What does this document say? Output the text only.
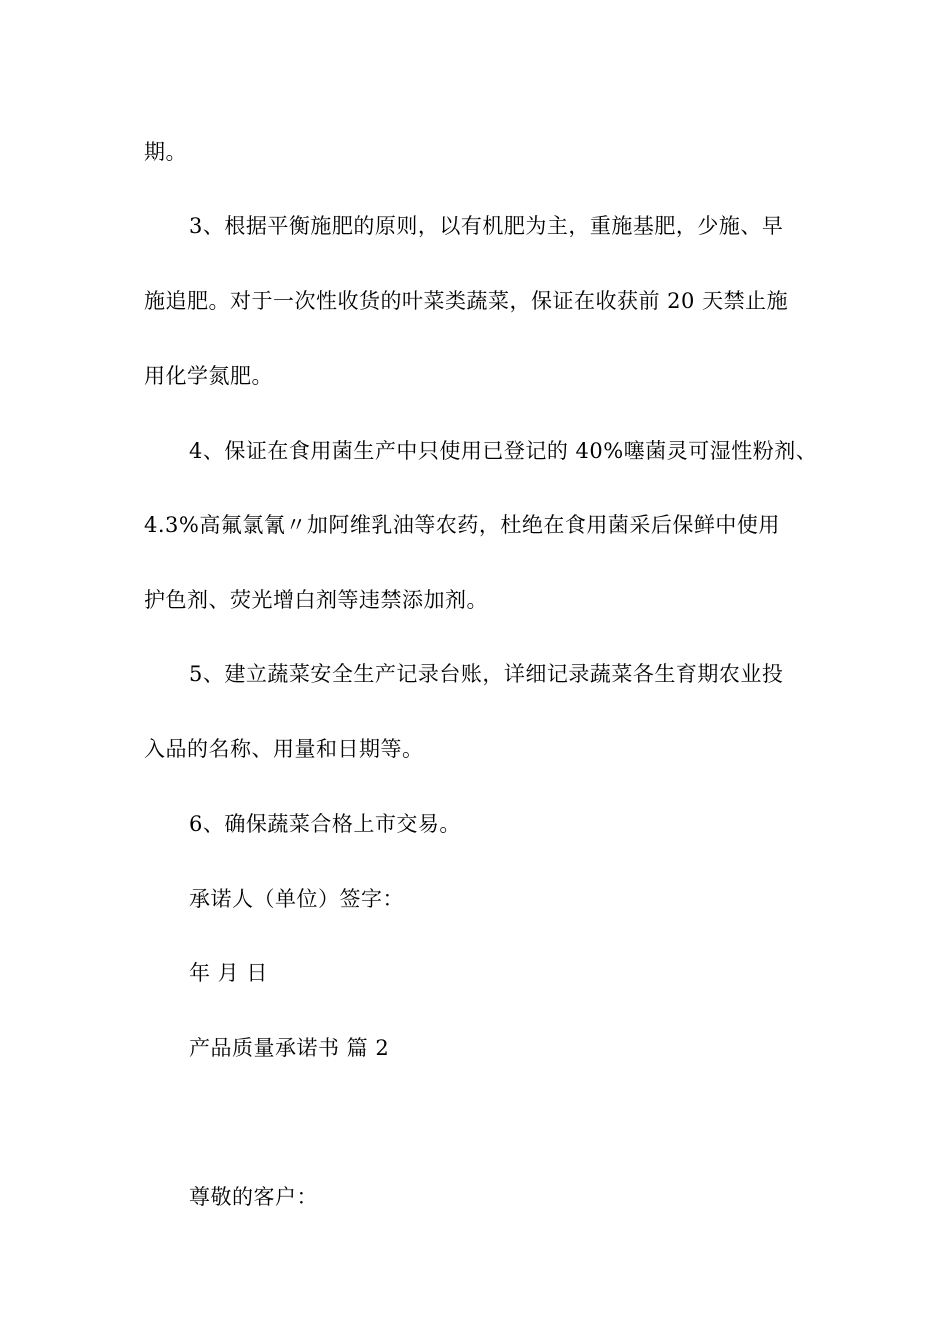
期。
3、根据平衡施肥的原则，以有机肥为主，重施基肥，少施、早
施追肥。对于一次性收货的叶菜类蔬菜，保证在收获前 20 天禁止施
用化学氮肥。
4、保证在食用菌生产中只使用已登记的 40%噻菌灵可湿性粉剂、
4.3%高氟氯氰〃加阿维乳油等农药，杜绝在食用菌采后保鲜中使用
护色剂、荧光增白剂等违禁添加剂。
5、建立蔬菜安全生产记录台账，详细记录蔬菜各生育期农业投
入品的名称、用量和日期等。
6、确保蔬菜合格上市交易。
承诺人（单位）签字：
年 月 日
产品质量承诺书 篇 2
尊敬的客户：
